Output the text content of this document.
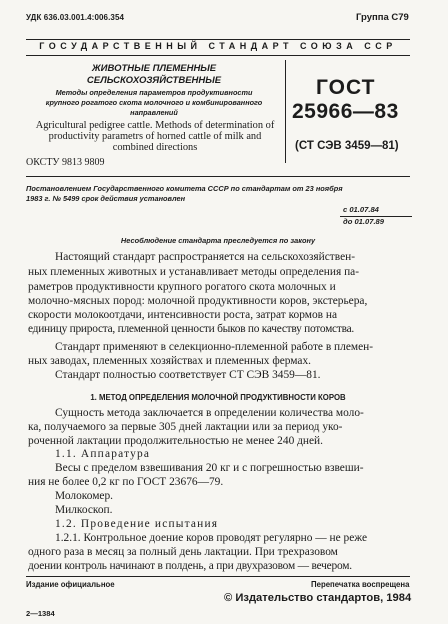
УДК 636.03.001.4:006.354	Группа С79
ГОСУДАРСТВЕННЫЙ СТАНДАРТ СОЮЗА ССР
ЖИВОТНЫЕ ПЛЕМЕННЫЕ
СЕЛЬСКОХОЗЯЙСТВЕННЫЕ
Методы определения параметров продуктивности
крупного рогатого скота молочного и комбинированного
направлений
Agricultural pedigree cattle. Methods of determination of
productivity parametrs of horned cattle of milk and
combined directions
ОКСТУ 9813 9809
ГОСТ
25966—83
(СТ СЭВ 3459—81)
Постановлением Государственного комитета СССР по стандартам от 23 ноября
1983 г. № 5499 срок действия установлен
с 01.07.84
до 01.07.89
Несоблюдение стандарта преследуется по закону
Настоящий стандарт распространяется на сельскохозяйствен-
ных племенных животных и устанавливает методы определения па-
раметров продуктивности крупного рогатого скота молочных и
молочно-мясных пород: молочной продуктивности коров, экстерьера,
скорости молокоотдачи, интенсивности роста, затрат кормов на
единицу прироста, племенной ценности быков по качеству потомства.
Стандарт применяют в селекционно-племенной работе в племен-
ных заводах, племенных хозяйствах и племенных фермах.
Стандарт полностью соответствует СТ СЭВ 3459—81.
1. МЕТОД ОПРЕДЕЛЕНИЯ МОЛОЧНОЙ ПРОДУКТИВНОСТИ КОРОВ
Сущность метода заключается в определении количества моло-
ка, получаемого за первые 305 дней лактации или за период уко-
роченной лактации продолжительностью не менее 240 дней.
1.1. Аппаратура
Весы с пределом взвешивания 20 кг и с погрешностью взвеши-
ния не более 0,2 кг по ГОСТ 23676—79.
Молокомер.
Милкоскоп.
1.2. Проведение испытания
1.2.1. Контрольное доение коров проводят регулярно — не реже
одного раза в месяц за полный день лактации. При трехразовом
доении контроль начинают в полдень, а при двухразовом — вечером.
Издание официальное	Перепечатка воспрещена
© Издательство стандартов, 1984
2—1384
